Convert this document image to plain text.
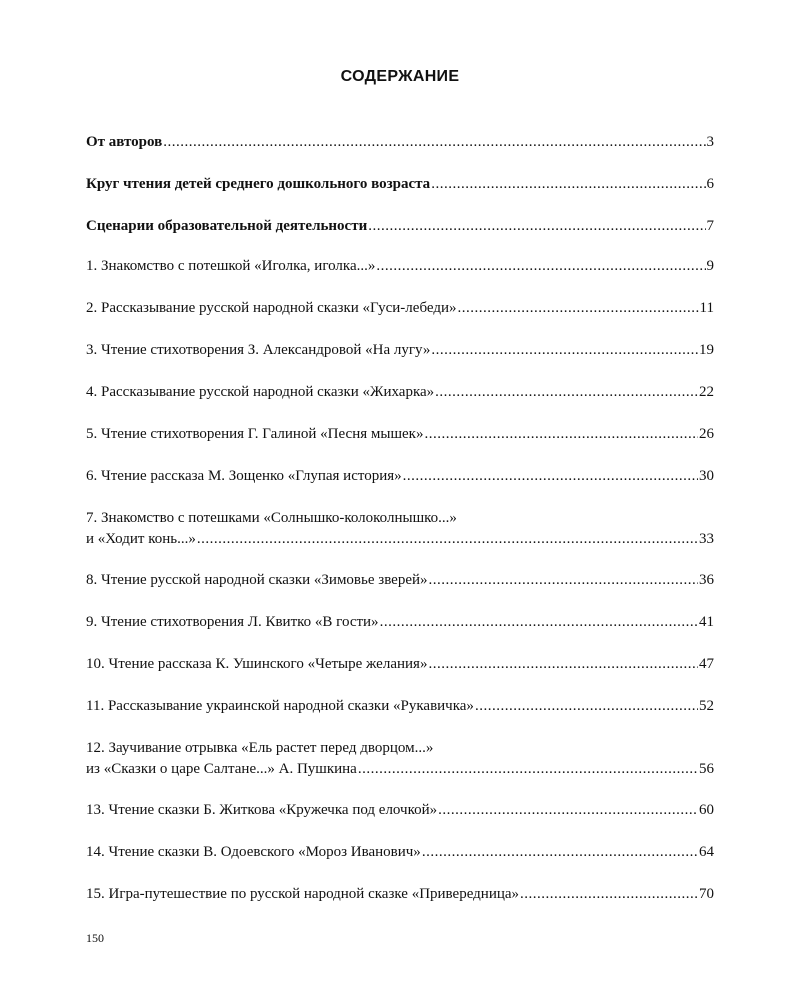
СОДЕРЖАНИЕ
От авторов .....	3
Круг чтения детей среднего дошкольного возраста .....	6
Сценарии образовательной деятельности .....	7
1. Знакомство с потешкой «Иголка, иголка...» .....	9
2. Рассказывание русской народной сказки «Гуси-лебеди» .....	11
3. Чтение стихотворения З. Александровой «На лугу» .....	19
4. Рассказывание русской народной сказки «Жихарка» .....	22
5. Чтение стихотворения Г. Галиной «Песня мышек» .....	26
6. Чтение рассказа М. Зощенко «Глупая история» .....	30
7. Знакомство с потешками «Солнышко-колоколнышко...»
и «Ходит конь...» .....	33
8. Чтение русской народной сказки «Зимовье зверей» .....	36
9. Чтение стихотворения Л. Квитко «В гости» .....	41
10. Чтение рассказа К. Ушинского «Четыре желания» .....	47
11. Рассказывание украинской народной сказки «Рукавичка» .....	52
12. Заучивание отрывка «Ель растет перед дворцом...»
из «Сказки о царе Салтане...» А. Пушкина .....	56
13. Чтение сказки Б. Житкова «Кружечка под елочкой» .....	60
14. Чтение сказки В. Одоевского «Мороз Иванович» .....	64
15. Игра-путешествие по русской народной сказке «Привередница» .....	70
150
